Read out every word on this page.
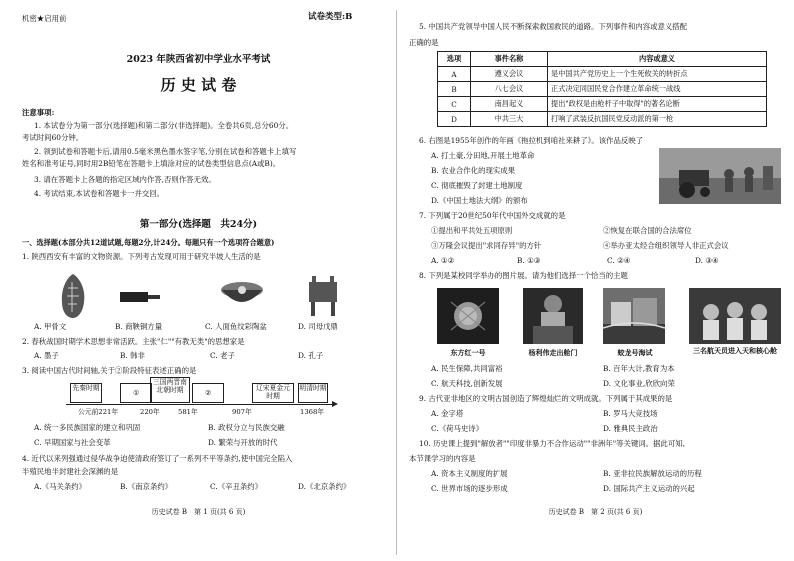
机密★启用前	试卷类型:B
2023 年陕西省初中学业水平考试
历 史 试 卷
注意事项:
1. 本试卷分为第一部分(选择题)和第二部分(非选择题)。全卷共6页,总分60分。
考试时间60分钟。
2. 领到试卷和答题卡后,请用0.5毫米黑色墨水签字笔,分别在试卷和答题卡上填写
姓名和准考证号,同时用2B铅笔在答题卡上填涂对应的试卷类型信息点(A或B)。
3. 请在答题卡上各题的指定区域内作答,否则作答无效。
4. 考试结束,本试卷和答题卡一并交回。
第一部分(选择题　共24分)
一、选择题(本部分共12道试题,每题2分,计24分。每题只有一个选项符合题意)
1. 陕西西安有丰富的文物资源。下列考古发现可用于研究半坡人生活的是
A. 甲骨文	B. 商鞅铜方量	C. 人面鱼纹彩陶盆	D. 司母戊鼎
2. 春秋战国时期学术思想非常活跃。主张"仁""有教无类"的思想家是
A. 墨子	B. 韩非	C. 老子	D. 孔子
3. 阅读中国古代时间轴,关于②阶段特征表述正确的是
先秦时期
①
三国两晋南北朝时期	②
辽宋夏金元时期
明清时期
公元前221年	220年	581年	907年	1368年
A. 统一多民族国家的建立和巩固	B. 政权分立与民族交融
C. 早期国家与社会变革	D. 繁荣与开放的时代
4. 近代以来列强通过侵华战争迫使清政府签订了一系列不平等条约,使中国完全陷入
半殖民地半封建社会深渊的是
A.《马关条约》	B.《南京条约》	C.《辛丑条约》	D.《北京条约》
历史试卷 B　第 1 页(共 6 页)
5. 中国共产党领导中国人民不断探索救国救民的道路。下列事件和内容或意义搭配
正确的是
选项	事件名称	内容或意义
A	遵义会议	是中国共产党历史上一个生死攸关的转折点
B	八七会议	正式决定同国民党合作建立革命统一战线
C	南昌起义	提出"政权是由枪杆子中取得"的著名论断
D	中共三大	打响了武装反抗国民党反动派的第一枪
6. 右图是1955年创作的年画《拖拉机到咱社来耕了》。该作品反映了
A. 打土豪,分田地,开展土地革命
B. 农业合作化的现实成果
C. 彻底摧毁了封建土地制度
D.《中国土地法大纲》的颁布
7. 下列属于20世纪50年代中国外交成就的是
①提出和平共处五项原则	②恢复在联合国的合法席位
③万隆会议提出"求同存异"的方针	④举办亚太经合组织领导人非正式会议
A. ①②	B. ①③	C. ②④	D. ③④
8. 下列是某校同学举办的图片展。请为他们选择一个恰当的主题
东方红一号	杨利伟走出舱门	蛟龙号海试	三名航天员进入天和核心舱
A. 民生保障,共同富裕	B. 百年大计,教育为本
C. 航天科技,创新发展	D. 文化事业,欣欣向荣
9. 古代亚非地区的文明古国创造了辉煌灿烂的文明成就。下列属于其成果的是
A. 金字塔	B. 罗马大竞技场
C.《荷马史诗》	D. 雅典民主政治
10. 历史课上提到"解放者""印度非暴力不合作运动""非洲年"等关键词。据此可知,
本节课学习的内容是
A. 资本主义制度的扩展	B. 亚非拉民族解放运动的历程
C. 世界市场的逐步形成	D. 国际共产主义运动的兴起
历史试卷 B　第 2 页(共 6 页)
